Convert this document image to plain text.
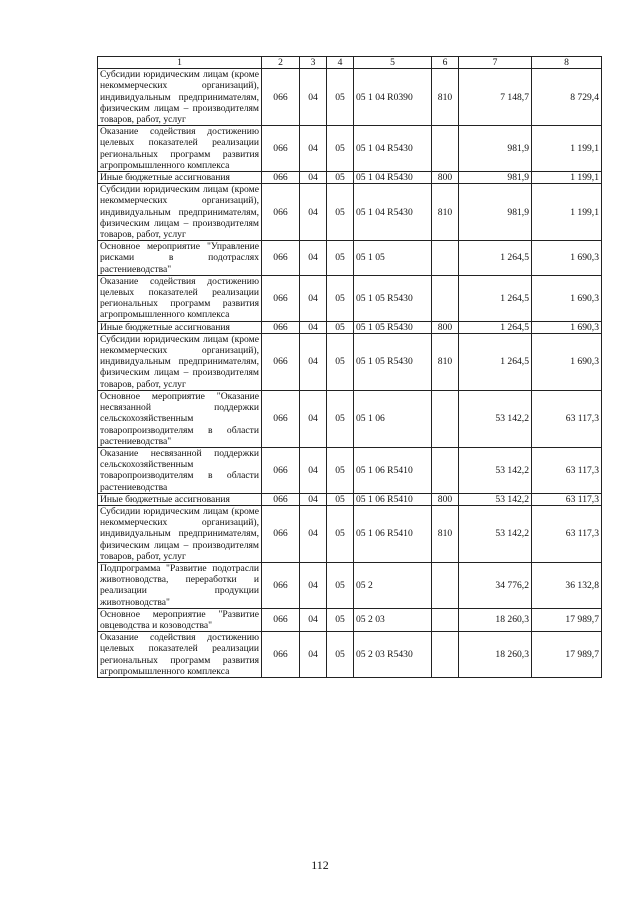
1	2	3	4	5	6	7	8
Субсидии юридическим лицам (кроме некоммерческих организаций), индивидуальным предпринимателям, физическим лицам – производителям товаров, работ, услуг	066	04	05	05 1 04 R0390	810	7 148,7	8 729,4
Оказание содействия достижению целевых показателей реализации региональных программ развития агропромышленного комплекса	066	04	05	05 1 04 R5430		981,9	1 199,1
Иные бюджетные ассигнования	066	04	05	05 1 04 R5430	800	981,9	1 199,1
Субсидии юридическим лицам (кроме некоммерческих организаций), индивидуальным предпринимателям, физическим лицам – производителям товаров, работ, услуг	066	04	05	05 1 04 R5430	810	981,9	1 199,1
Основное мероприятие "Управление рисками в подотраслях растениеводства"	066	04	05	05 1 05		1 264,5	1 690,3
Оказание содействия достижению целевых показателей реализации региональных программ развития агропромышленного комплекса	066	04	05	05 1 05 R5430		1 264,5	1 690,3
Иные бюджетные ассигнования	066	04	05	05 1 05 R5430	800	1 264,5	1 690,3
Субсидии юридическим лицам (кроме некоммерческих организаций), индивидуальным предпринимателям, физическим лицам – производителям товаров, работ, услуг	066	04	05	05 1 05 R5430	810	1 264,5	1 690,3
Основное мероприятие "Оказание несвязанной поддержки сельскохозяйственным товаропроизводителям в области растениеводства"	066	04	05	05 1 06		53 142,2	63 117,3
Оказание несвязанной поддержки сельскохозяйственным товаропроизводителям в области растениеводства	066	04	05	05 1 06 R5410		53 142,2	63 117,3
Иные бюджетные ассигнования	066	04	05	05 1 06 R5410	800	53 142,2	63 117,3
Субсидии юридическим лицам (кроме некоммерческих организаций), индивидуальным предпринимателям, физическим лицам – производителям товаров, работ, услуг	066	04	05	05 1 06 R5410	810	53 142,2	63 117,3
Подпрограмма "Развитие подотрасли животноводства, переработки и реализации продукции животноводства"	066	04	05	05 2		34 776,2	36 132,8
Основное мероприятие "Развитие овцеводства и козоводства"	066	04	05	05 2 03		18 260,3	17 989,7
Оказание содействия достижению целевых показателей реализации региональных программ развития агропромышленного комплекса	066	04	05	05 2 03 R5430		18 260,3	17 989,7
112
